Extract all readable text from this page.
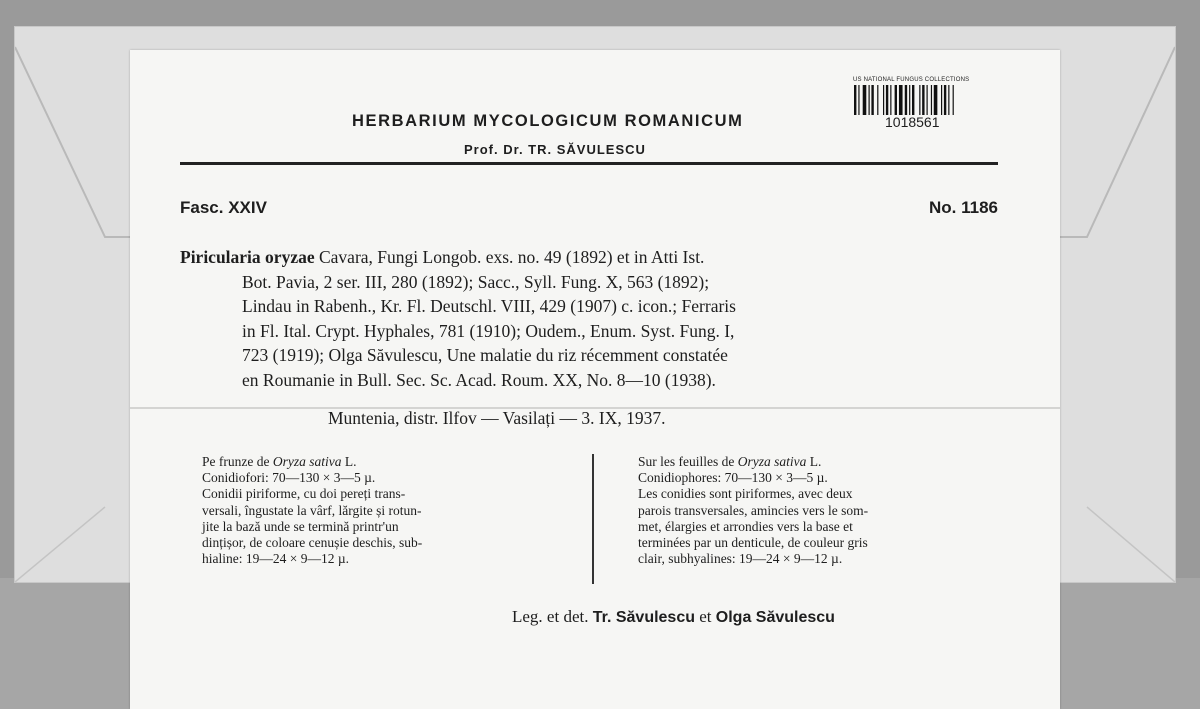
HERBARIUM MYCOLOGICUM ROMANICUM
Prof. Dr. TR. SĂVULESCU
US NATIONAL FUNGUS COLLECTIONS
1018561
Fasc. XXIV	No. 1186
Piricularia oryzae Cavara, Fungi Longob. exs. no. 49 (1892) et in Atti Ist.
Bot. Pavia, 2 ser. III, 280 (1892); Sacc., Syll. Fung. X, 563 (1892);
Lindau in Rabenh., Kr. Fl. Deutschl. VIII, 429 (1907) c. icon.; Ferraris
in Fl. Ital. Crypt. Hyphales, 781 (1910); Oudem., Enum. Syst. Fung. I,
723 (1919); Olga Săvulescu, Une malatie du riz récemment constatée
en Roumanie in Bull. Sec. Sc. Acad. Roum. XX, No. 8—10 (1938).
Muntenia, distr. Ilfov — Vasilați — 3. IX, 1937.
Pe frunze de Oryza sativa L.
Conidiofori: 70—130 × 3—5 µ.
Conidii piriforme, cu doi pereți trans-
versali, îngustate la vârf, lărgite și rotun-
jite la bază unde se termină printr'un
dințișor, de coloare cenușie deschis, sub-
hialine: 19—24 × 9—12 µ.
Sur les feuilles de Oryza sativa L.
Conidiophores: 70—130 × 3—5 µ.
Les conidies sont piriformes, avec deux
parois transversales, amincies vers le som-
met, élargies et arrondies vers la base et
terminées par un denticule, de couleur gris
clair, subhyalines: 19—24 × 9—12 µ.
Leg. et det. Tr. Săvulescu et Olga Săvulescu
